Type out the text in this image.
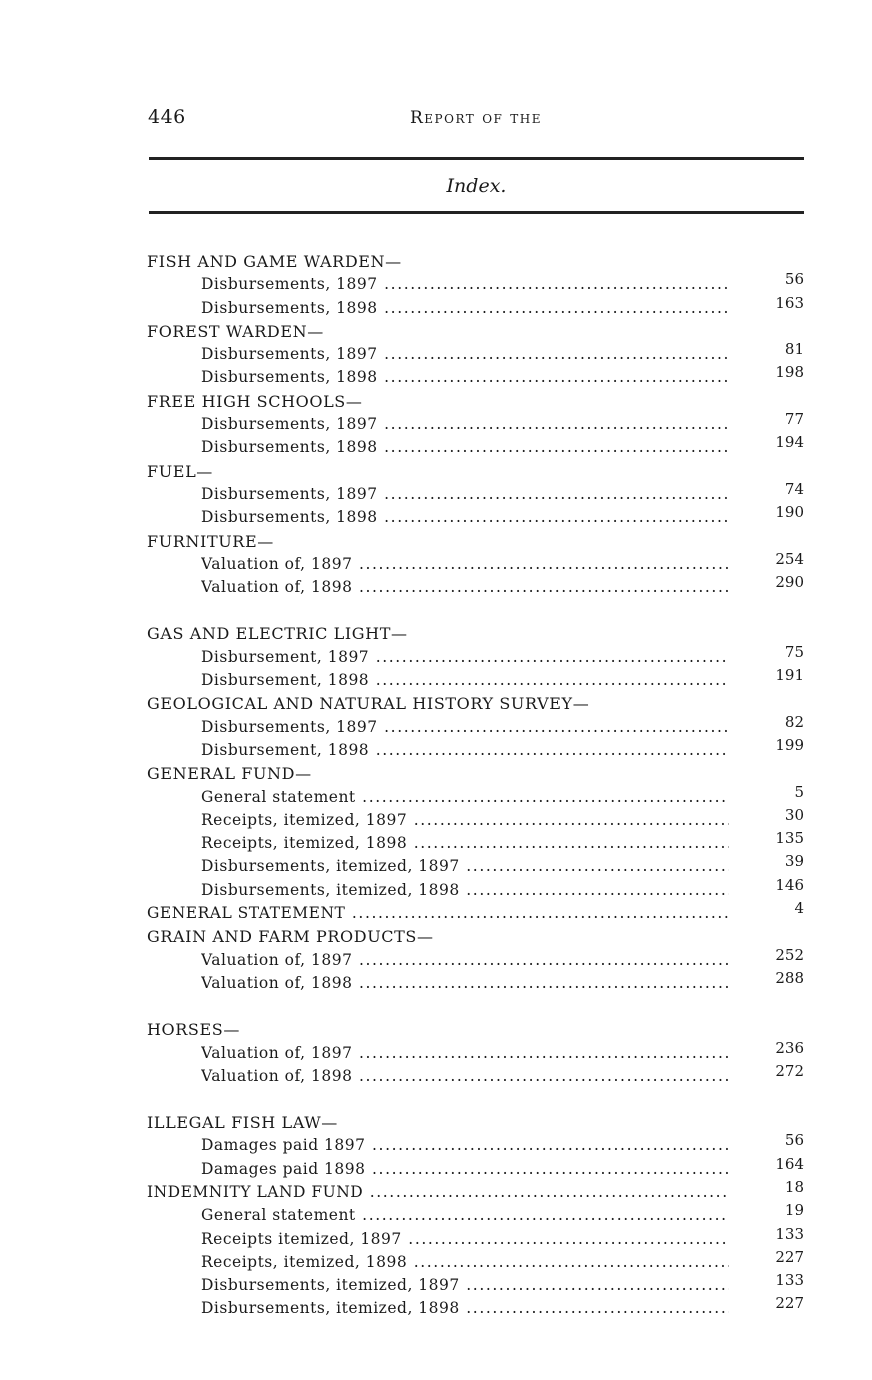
446	Report of the
Index.
FISH AND GAME WARDEN—
Disbursements, 1897 .....	56
Disbursements, 1898 .....	163
FOREST WARDEN—
Disbursements, 1897 .....	81
Disbursements, 1898 .....	198
FREE HIGH SCHOOLS—
Disbursements, 1897 .....	77
Disbursements, 1898 .....	194
FUEL—
Disbursements, 1897 .....	74
Disbursements, 1898 .....	190
FURNITURE—
Valuation of, 1897 .....	254
Valuation of, 1898 .....	290
GAS AND ELECTRIC LIGHT—
Disbursement, 1897 .....	75
Disbursement, 1898 .....	191
GEOLOGICAL AND NATURAL HISTORY SURVEY—
Disbursements, 1897 .....	82
Disbursement, 1898 .....	199
GENERAL FUND—
General statement .....	5
Receipts, itemized, 1897 .....	30
Receipts, itemized, 1898 .....	135
Disbursements, itemized, 1897 .....	39
Disbursements, itemized, 1898 .....	146
GENERAL STATEMENT .....	4
GRAIN AND FARM PRODUCTS—
Valuation of, 1897 .....	252
Valuation of, 1898 .....	288
HORSES—
Valuation of, 1897 .....	236
Valuation of, 1898 .....	272
ILLEGAL FISH LAW—
Damages paid 1897 .....	56
Damages paid 1898 .....	164
INDEMNITY LAND FUND .....	18
General statement .....	19
Receipts itemized, 1897 .....	133
Receipts, itemized, 1898 .....	227
Disbursements, itemized, 1897 .....	133
Disbursements, itemized, 1898 .....	227
